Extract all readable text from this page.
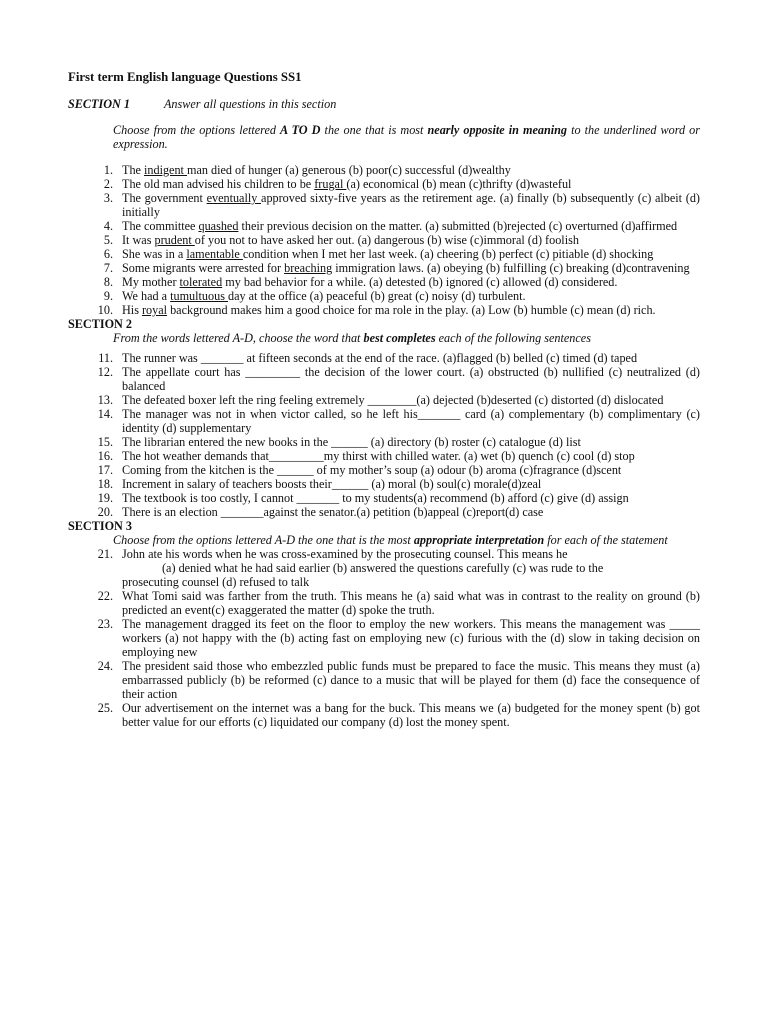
First term English language Questions SS1
SECTION 1	Answer all questions in this section
Choose from the options lettered A TO D the one that is most nearly opposite in meaning to the underlined word or expression.
1. The indigent man died of hunger (a) generous (b) poor(c) successful (d)wealthy
2. The old man advised his children to be frugal (a) economical (b) mean (c)thrifty (d)wasteful
3. The government eventually approved sixty-five years as the retirement age. (a) finally (b) subsequently (c) albeit (d) initially
4. The committee quashed their previous decision on the matter. (a) submitted (b)rejected (c) overturned (d)affirmed
5. It was prudent of you not to have asked her out. (a) dangerous (b) wise (c)immoral (d) foolish
6. She was in a lamentable condition when I met her last week. (a) cheering (b) perfect (c) pitiable (d) shocking
7. Some migrants were arrested for breaching immigration laws. (a) obeying (b) fulfilling (c) breaking (d)contravening
8. My mother tolerated my bad behavior for a while. (a) detested (b) ignored (c) allowed (d) considered.
9. We had a tumultuous day at the office (a) peaceful (b) great (c) noisy (d) turbulent.
10. His royal background makes him a good choice for ma role in the play. (a) Low (b) humble (c) mean (d) rich.
SECTION 2
From the words lettered A-D, choose the word that best completes each of the following sentences
11. The runner was _______ at fifteen seconds at the end of the race. (a)flagged (b) belled (c) timed (d) taped
12. The appellate court has _________ the decision of the lower court. (a) obstructed (b) nullified (c) neutralized (d) balanced
13. The defeated boxer left the ring feeling extremely ________(a) dejected (b)deserted (c) distorted (d) dislocated
14. The manager was not in when victor called, so he left his_______ card (a) complementary (b) complimentary (c) identity (d) supplementary
15. The librarian entered the new books in the ______ (a) directory (b) roster (c) catalogue (d) list
16. The hot weather demands that_________my thirst with chilled water. (a) wet (b) quench (c) cool (d) stop
17. Coming from the kitchen is the ______ of my mother’s soup (a) odour (b) aroma (c)fragrance (d)scent
18. Increment in salary of teachers boosts their______ (a) moral (b) soul(c) morale(d)zeal
19. The textbook is too costly, I cannot _______ to my students(a) recommend (b) afford (c) give (d) assign
20. There is an election _______against the senator.(a) petition (b)appeal (c)report(d) case
SECTION 3
Choose from the options lettered A-D the one that is the most appropriate interpretation for each of the statement
21. John ate his words when he was cross-examined by the prosecuting counsel. This means he
(a) denied what he had said earlier (b) answered the questions carefully (c) was rude to the
prosecuting counsel (d) refused to talk
22. What Tomi said was farther from the truth. This means he (a) said what was in contrast to the reality on ground (b) predicted an event(c) exaggerated the matter (d) spoke the truth.
23. The management dragged its feet on the floor to employ the new workers. This means the management was _____ workers (a) not happy with the (b) acting fast on employing new (c) furious with the (d) slow in taking decision on employing new
24. The president said those who embezzled public funds must be prepared to face the music. This means they must (a) embarrassed publicly (b) be reformed (c) dance to a music that will be played for them (d) face the consequence of their action
25. Our advertisement on the internet was a bang for the buck. This means we (a) budgeted for the money spent (b) got better value for our efforts (c) liquidated our company (d) lost the money spent.
